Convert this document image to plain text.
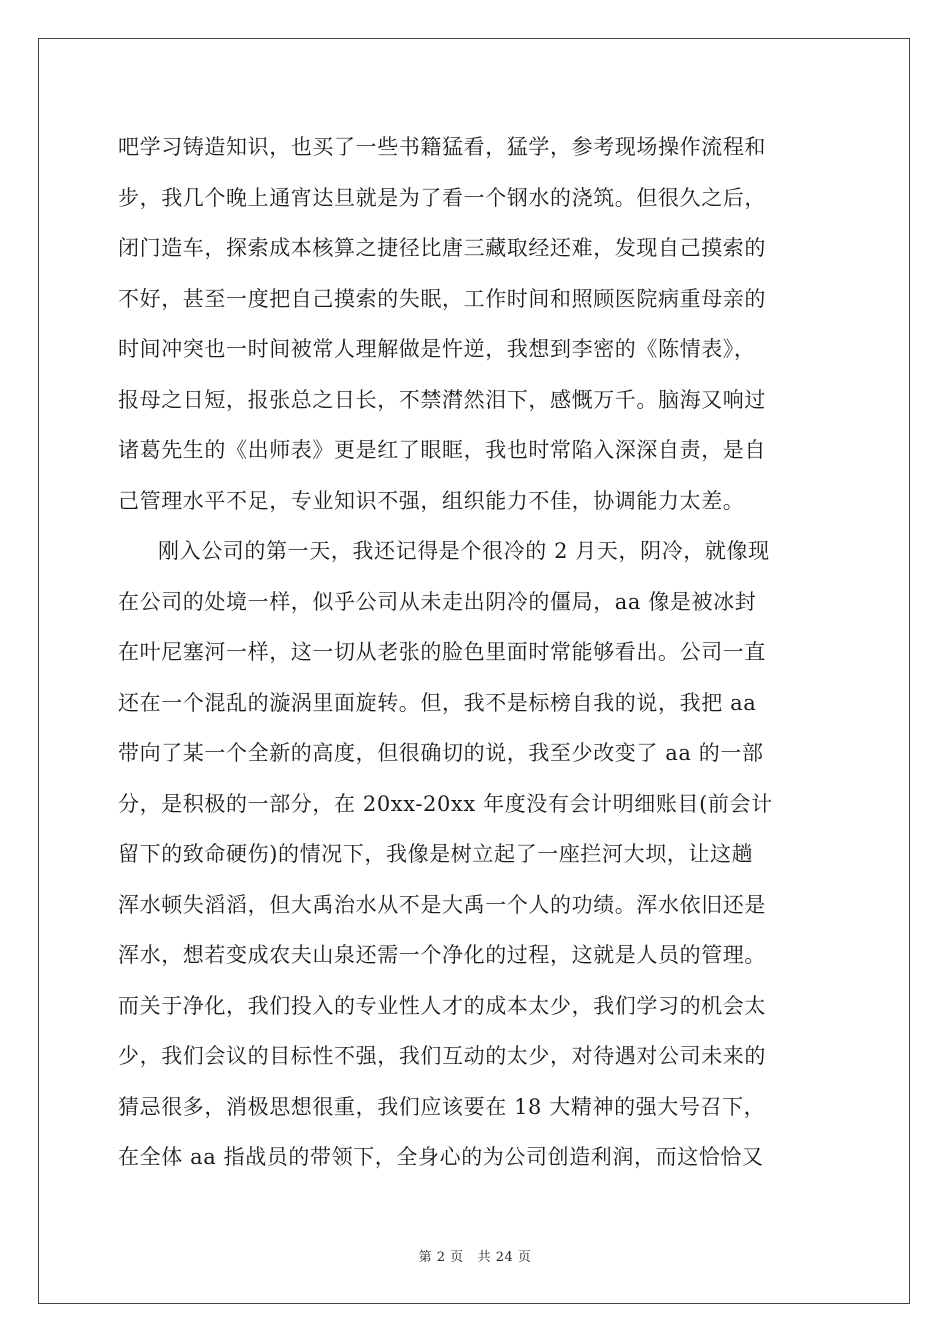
吧学习铸造知识，也买了一些书籍猛看，猛学，参考现场操作流程和
步，我几个晚上通宵达旦就是为了看一个钢水的浇筑。但很久之后，
闭门造车，探索成本核算之捷径比唐三藏取经还难，发现自己摸索的
不好，甚至一度把自己摸索的失眠，工作时间和照顾医院病重母亲的
时间冲突也一时间被常人理解做是忤逆，我想到李密的《陈情表》，
报母之日短，报张总之日长，不禁潸然泪下，感慨万千。脑海又响过
诸葛先生的《出师表》更是红了眼眶，我也时常陷入深深自责，是自
己管理水平不足，专业知识不强，组织能力不佳，协调能力太差。
刚入公司的第一天，我还记得是个很冷的 2 月天，阴冷，就像现
在公司的处境一样，似乎公司从未走出阴冷的僵局，aa 像是被冰封
在叶尼塞河一样，这一切从老张的脸色里面时常能够看出。公司一直
还在一个混乱的漩涡里面旋转。但，我不是标榜自我的说，我把 aa
带向了某一个全新的高度，但很确切的说，我至少改变了 aa 的一部
分，是积极的一部分，在 20xx-20xx 年度没有会计明细账目(前会计
留下的致命硬伤)的情况下，我像是树立起了一座拦河大坝，让这趟
浑水顿失滔滔，但大禹治水从不是大禹一个人的功绩。浑水依旧还是
浑水，想若变成农夫山泉还需一个净化的过程，这就是人员的管理。
而关于净化，我们投入的专业性人才的成本太少，我们学习的机会太
少，我们会议的目标性不强，我们互动的太少，对待遇对公司未来的
猜忌很多，消极思想很重，我们应该要在 18 大精神的强大号召下，
在全体 aa 指战员的带领下，全身心的为公司创造利润，而这恰恰又
第 2 页 共 24 页
